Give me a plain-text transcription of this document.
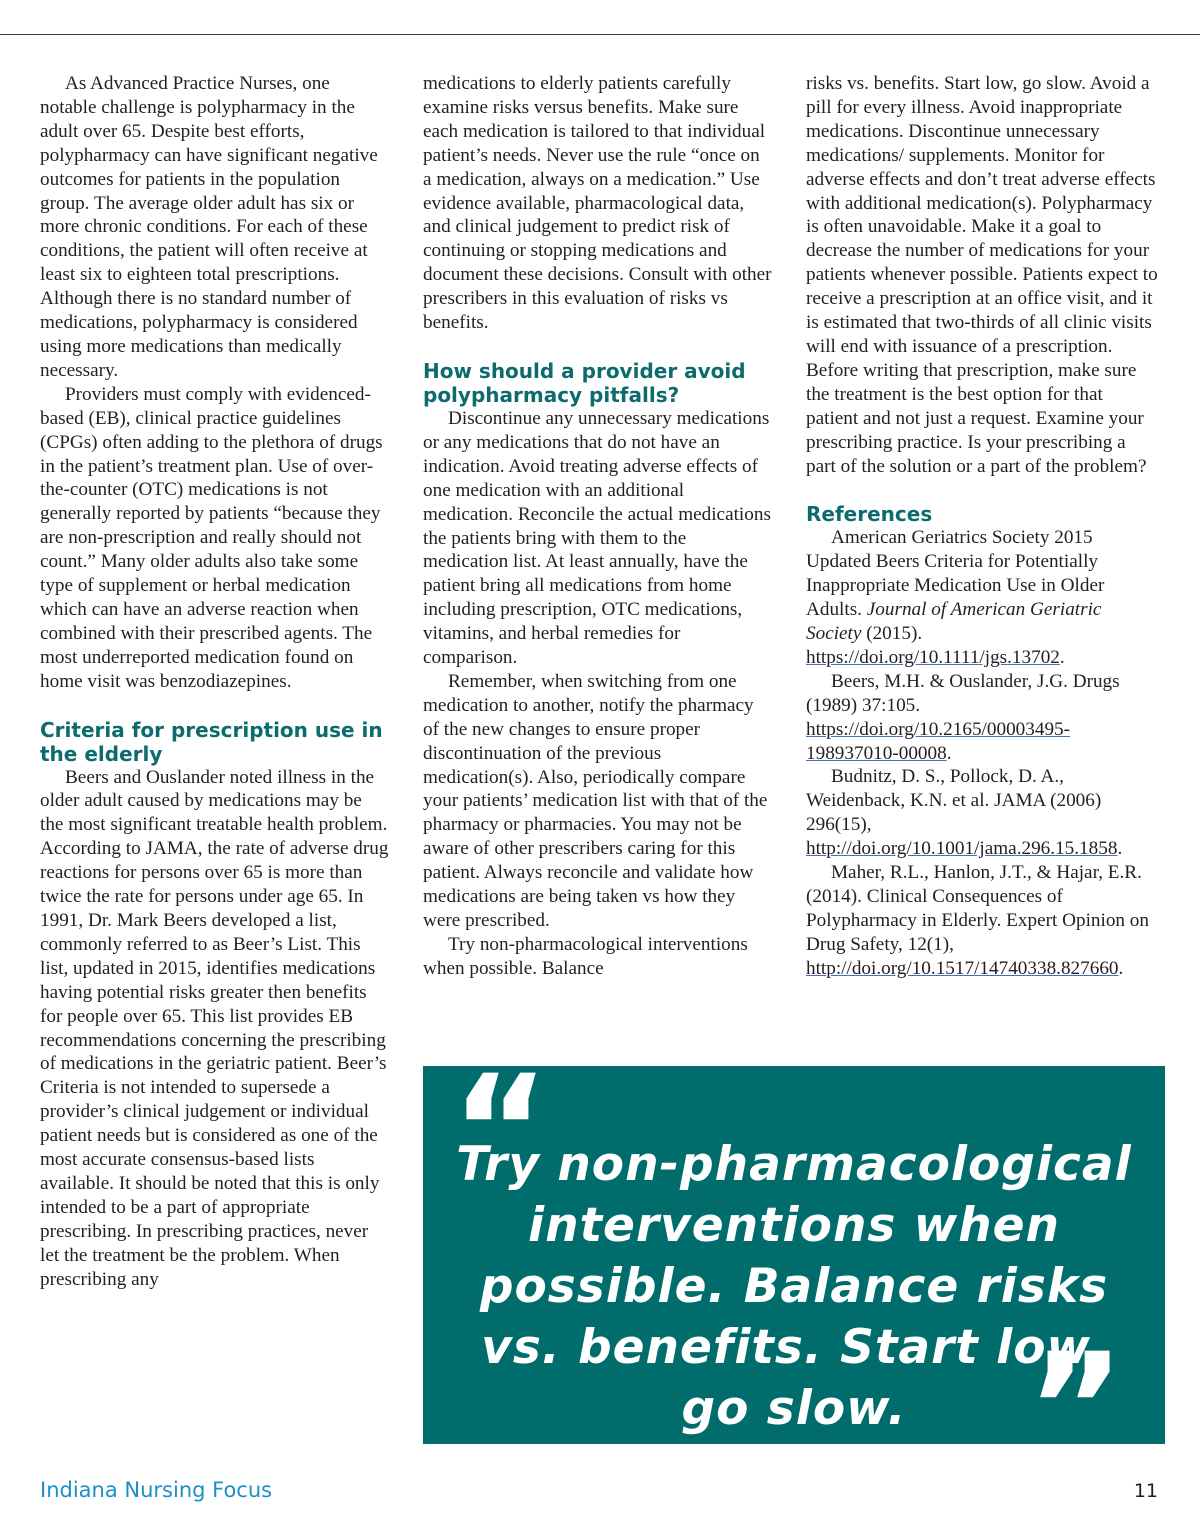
As Advanced Practice Nurses, one notable challenge is polypharmacy in the adult over 65. Despite best efforts, polypharmacy can have significant negative outcomes for patients in the population group. The average older adult has six or more chronic conditions. For each of these conditions, the patient will often receive at least six to eighteen total prescriptions. Although there is no standard number of medications, polypharmacy is considered using more medications than medically necessary.

Providers must comply with evidenced-based (EB), clinical practice guidelines (CPGs) often adding to the plethora of drugs in the patient’s treatment plan. Use of over-the-counter (OTC) medications is not generally reported by patients “because they are non-prescription and really should not count.” Many older adults also take some type of supplement or herbal medication which can have an adverse reaction when combined with their prescribed agents. The most underreported medication found on home visit was benzodiazepines.

Criteria for prescription use in the elderly

Beers and Ouslander noted illness in the older adult caused by medications may be the most significant treatable health problem. According to JAMA, the rate of adverse drug reactions for persons over 65 is more than twice the rate for persons under age 65. In 1991, Dr. Mark Beers developed a list, commonly referred to as Beer’s List. This list, updated in 2015, identifies medications having potential risks greater then benefits for people over 65. This list provides EB recommendations concerning the prescribing of medications in the geriatric patient. Beer’s Criteria is not intended to supersede a provider’s clinical judgement or individual patient needs but is considered as one of the most accurate consensus-based lists available. It should be noted that this is only intended to be a part of appropriate prescribing. In prescribing practices, never let the treatment be the problem. When prescribing any

medications to elderly patients carefully examine risks versus benefits. Make sure each medication is tailored to that individual patient’s needs. Never use the rule “once on a medication, always on a medication.” Use evidence available, pharmacological data, and clinical judgement to predict risk of continuing or stopping medications and document these decisions. Consult with other prescribers in this evaluation of risks vs benefits.

How should a provider avoid polypharmacy pitfalls?

Discontinue any unnecessary medications or any medications that do not have an indication. Avoid treating adverse effects of one medication with an additional medication. Reconcile the actual medications the patients bring with them to the medication list. At least annually, have the patient bring all medications from home including prescription, OTC medications, vitamins, and herbal remedies for comparison.

Remember, when switching from one medication to another, notify the pharmacy of the new changes to ensure proper discontinuation of the previous medication(s). Also, periodically compare your patients’ medication list with that of the pharmacy or pharmacies. You may not be aware of other prescribers caring for this patient. Always reconcile and validate how medications are being taken vs how they were prescribed.

Try non-pharmacological interventions when possible. Balance

risks vs. benefits. Start low, go slow. Avoid a pill for every illness. Avoid inappropriate medications. Discontinue unnecessary medications/ supplements. Monitor for adverse effects and don’t treat adverse effects with additional medication(s). Polypharmacy is often unavoidable. Make it a goal to decrease the number of medications for your patients whenever possible. Patients expect to receive a prescription at an office visit, and it is estimated that two-thirds of all clinic visits will end with issuance of a prescription. Before writing that prescription, make sure the treatment is the best option for that patient and not just a request. Examine your prescribing practice. Is your prescribing a part of the solution or a part of the problem?

References

American Geriatrics Society 2015 Updated Beers Criteria for Potentially Inappropriate Medication Use in Older Adults. Journal of American Geriatric Society (2015). https://doi.org/10.1111/jgs.13702.

Beers, M.H. & Ouslander, J.G. Drugs (1989) 37:105. https://doi.org/10.2165/00003495-198937010-00008.

Budnitz, D. S., Pollock, D. A., Weidenback, K.N. et al. JAMA (2006) 296(15), http://doi.org/10.1001/jama.296.15.1858.

Maher, R.L., Hanlon, J.T., & Hajar, E.R. (2014). Clinical Consequences of Polypharmacy in Elderly. Expert Opinion on Drug Safety, 12(1), http://doi.org/10.1517/14740338.827660.

“
Try non-pharmacological interventions when possible. Balance risks vs. benefits. Start low, go slow. ”
Indiana Nursing Focus	11
